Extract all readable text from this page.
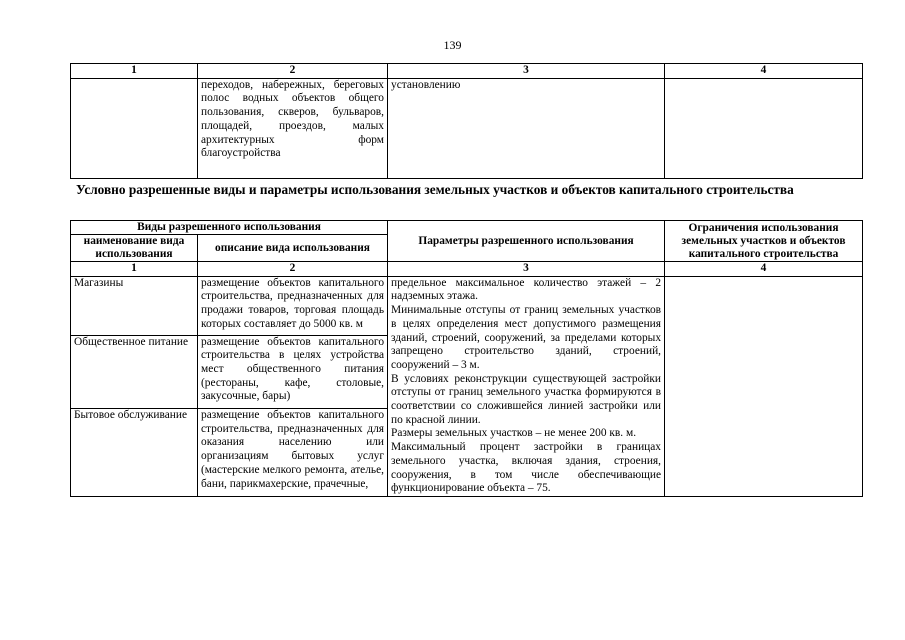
139
1	2	3	4
	переходов, набережных, береговых полос водных объектов общего пользования, скверов, бульваров, площадей, проездов, малых архитектурных форм благоустройства	установлению	
Условно разрешенные виды и параметры использования земельных участков и объектов капитального строительства
Виды разрешенного использования		Параметры разрешенного использования	Ограничения использования земельных участков и объектов капитального строительства
наименование вида использования	описание вида использования		
1	2	3	4
Магазины	размещение объектов капитального строительства, предназначенных для продажи товаров, торговая площадь которых составляет до 5000 кв. м	предельное максимальное количество этажей – 2 надземных этажа.

Минимальные отступы от границ земельных участков в целях определения мест допустимого размещения зданий, строений, сооружений, за пределами которых запрещено строительство зданий, строений, сооружений – 3 м.

В условиях реконструкции существующей застройки отступы от границ земельного участка формируются в соответствии со сложившейся линией застройки или по красной линии.

Размеры земельных участков – не менее 200 кв. м.

Максимальный процент застройки в границах земельного участка, включая здания, строения, сооружения, в том числе обеспечивающие функционирование объекта – 75.	

Общественное питание	размещение объектов капитального строительства в целях устройства мест общественного питания (рестораны, кафе, столовые, закусочные, бары)		
Бытовое обслуживание	размещение объектов капитального строительства, предназначенных для оказания населению или организациям бытовых услуг (мастерские мелкого ремонта, ателье, бани, парикмахерские, прачечные,		
